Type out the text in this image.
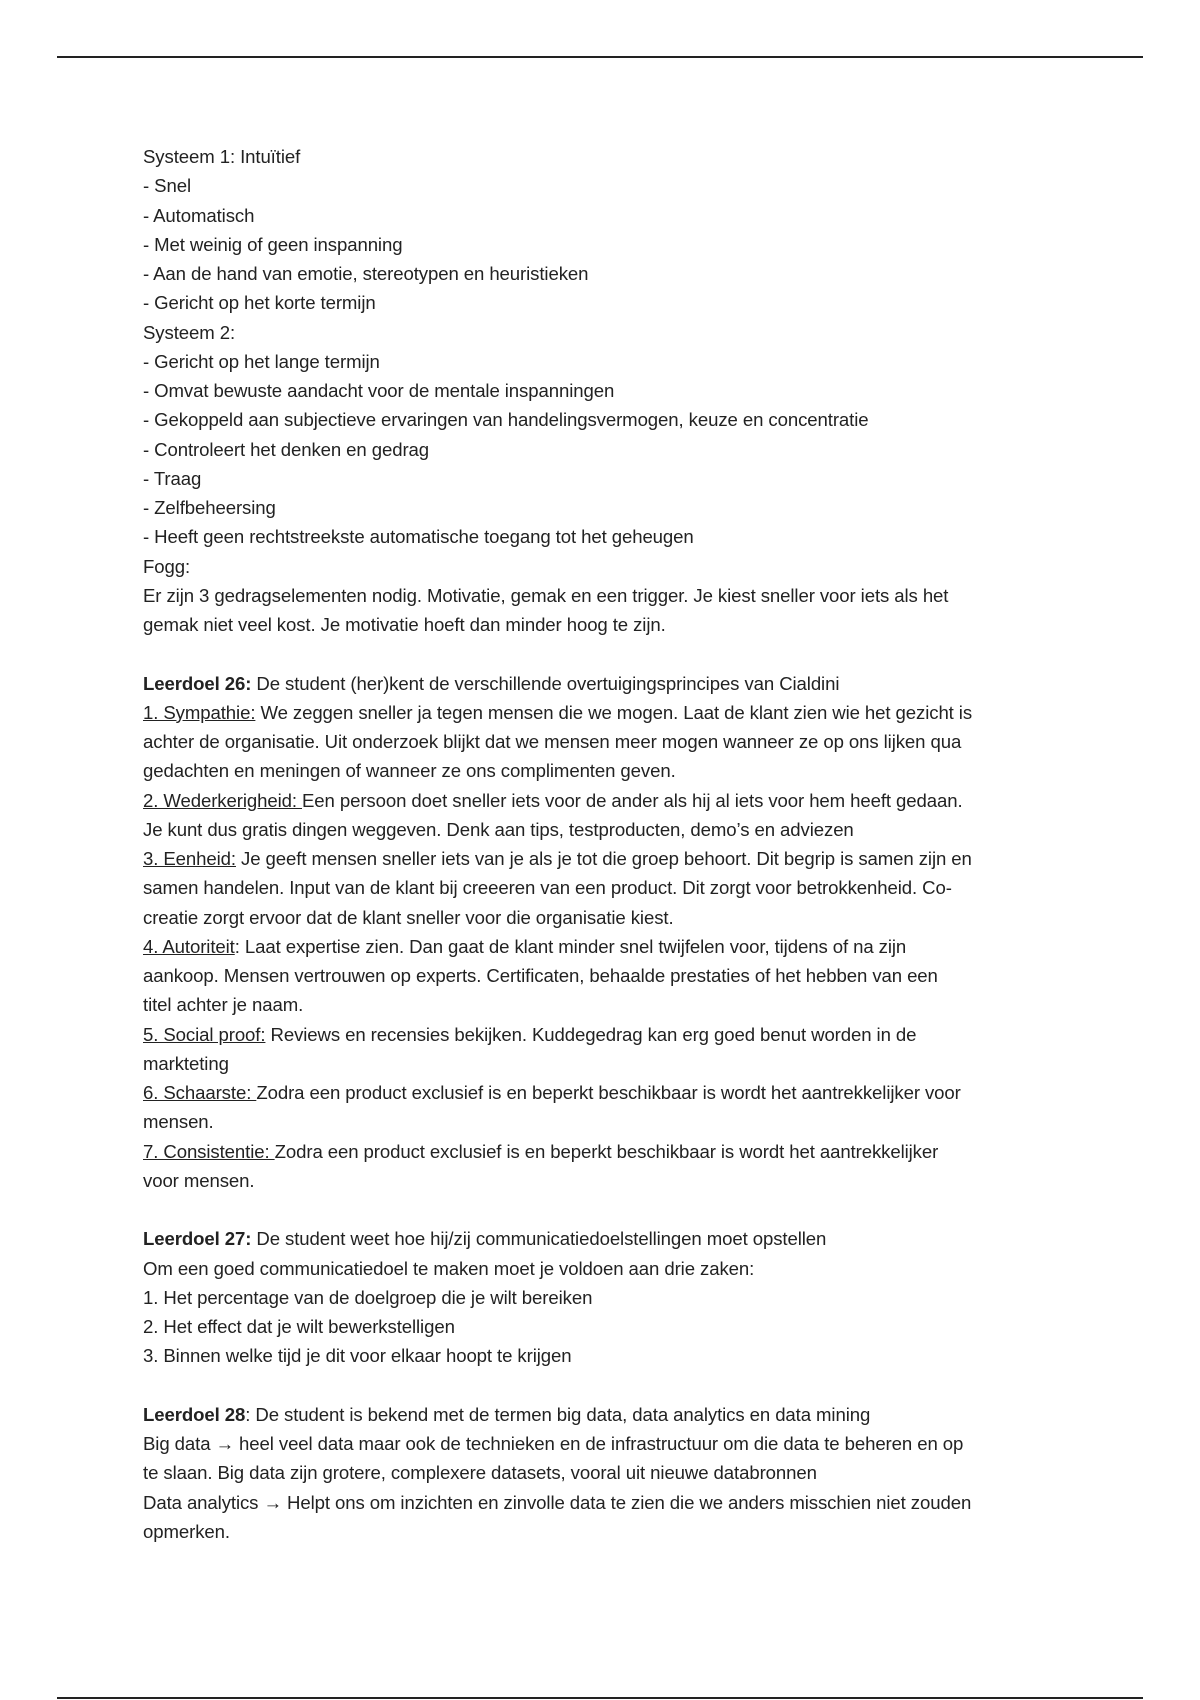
Systeem 1: Intuïtief
- Snel
- Automatisch
- Met weinig of geen inspanning
- Aan de hand van emotie, stereotypen en heuristieken
- Gericht op het korte termijn
Systeem 2:
- Gericht op het lange termijn
- Omvat bewuste aandacht voor de mentale inspanningen
- Gekoppeld aan subjectieve ervaringen van handelingsvermogen, keuze en concentratie
- Controleert het denken en gedrag
- Traag
- Zelfbeheersing
- Heeft geen rechtstreekste automatische toegang tot het geheugen
Fogg:
Er zijn 3 gedragselementen nodig. Motivatie, gemak en een trigger. Je kiest sneller voor iets als het
gemak niet veel kost. Je motivatie hoeft dan minder hoog te zijn.
Leerdoel 26: De student (her)kent de verschillende overtuigingsprincipes van Cialdini
1. Sympathie: We zeggen sneller ja tegen mensen die we mogen. Laat de klant zien wie het gezicht is
achter de organisatie. Uit onderzoek blijkt dat we mensen meer mogen wanneer ze op ons lijken qua
gedachten en meningen of wanneer ze ons complimenten geven.
2. Wederkerigheid: Een persoon doet sneller iets voor de ander als hij al iets voor hem heeft gedaan.
Je kunt dus gratis dingen weggeven. Denk aan tips, testproducten, demo’s en adviezen
3. Eenheid: Je geeft mensen sneller iets van je als je tot die groep behoort. Dit begrip is samen zijn en
samen handelen. Input van de klant bij creeeren van een product. Dit zorgt voor betrokkenheid. Co-
creatie zorgt ervoor dat de klant sneller voor die organisatie kiest.
4. Autoriteit: Laat expertise zien. Dan gaat de klant minder snel twijfelen voor, tijdens of na zijn
aankoop. Mensen vertrouwen op experts. Certificaten, behaalde prestaties of het hebben van een
titel achter je naam.
5. Social proof: Reviews en recensies bekijken. Kuddegedrag kan erg goed benut worden in de
markteting
6. Schaarste: Zodra een product exclusief is en beperkt beschikbaar is wordt het aantrekkelijker voor
mensen.
7. Consistentie: Zodra een product exclusief is en beperkt beschikbaar is wordt het aantrekkelijker
voor mensen.
Leerdoel 27: De student weet hoe hij/zij communicatiedoelstellingen moet opstellen
Om een goed communicatiedoel te maken moet je voldoen aan drie zaken:
1. Het percentage van de doelgroep die je wilt bereiken
2. Het effect dat je wilt bewerkstelligen
3. Binnen welke tijd je dit voor elkaar hoopt te krijgen
Leerdoel 28: De student is bekend met de termen big data, data analytics en data mining
Big data → heel veel data maar ook de technieken en de infrastructuur om die data te beheren en op
te slaan. Big data zijn grotere, complexere datasets, vooral uit nieuwe databronnen
Data analytics → Helpt ons om inzichten en zinvolle data te zien die we anders misschien niet zouden
opmerken.
